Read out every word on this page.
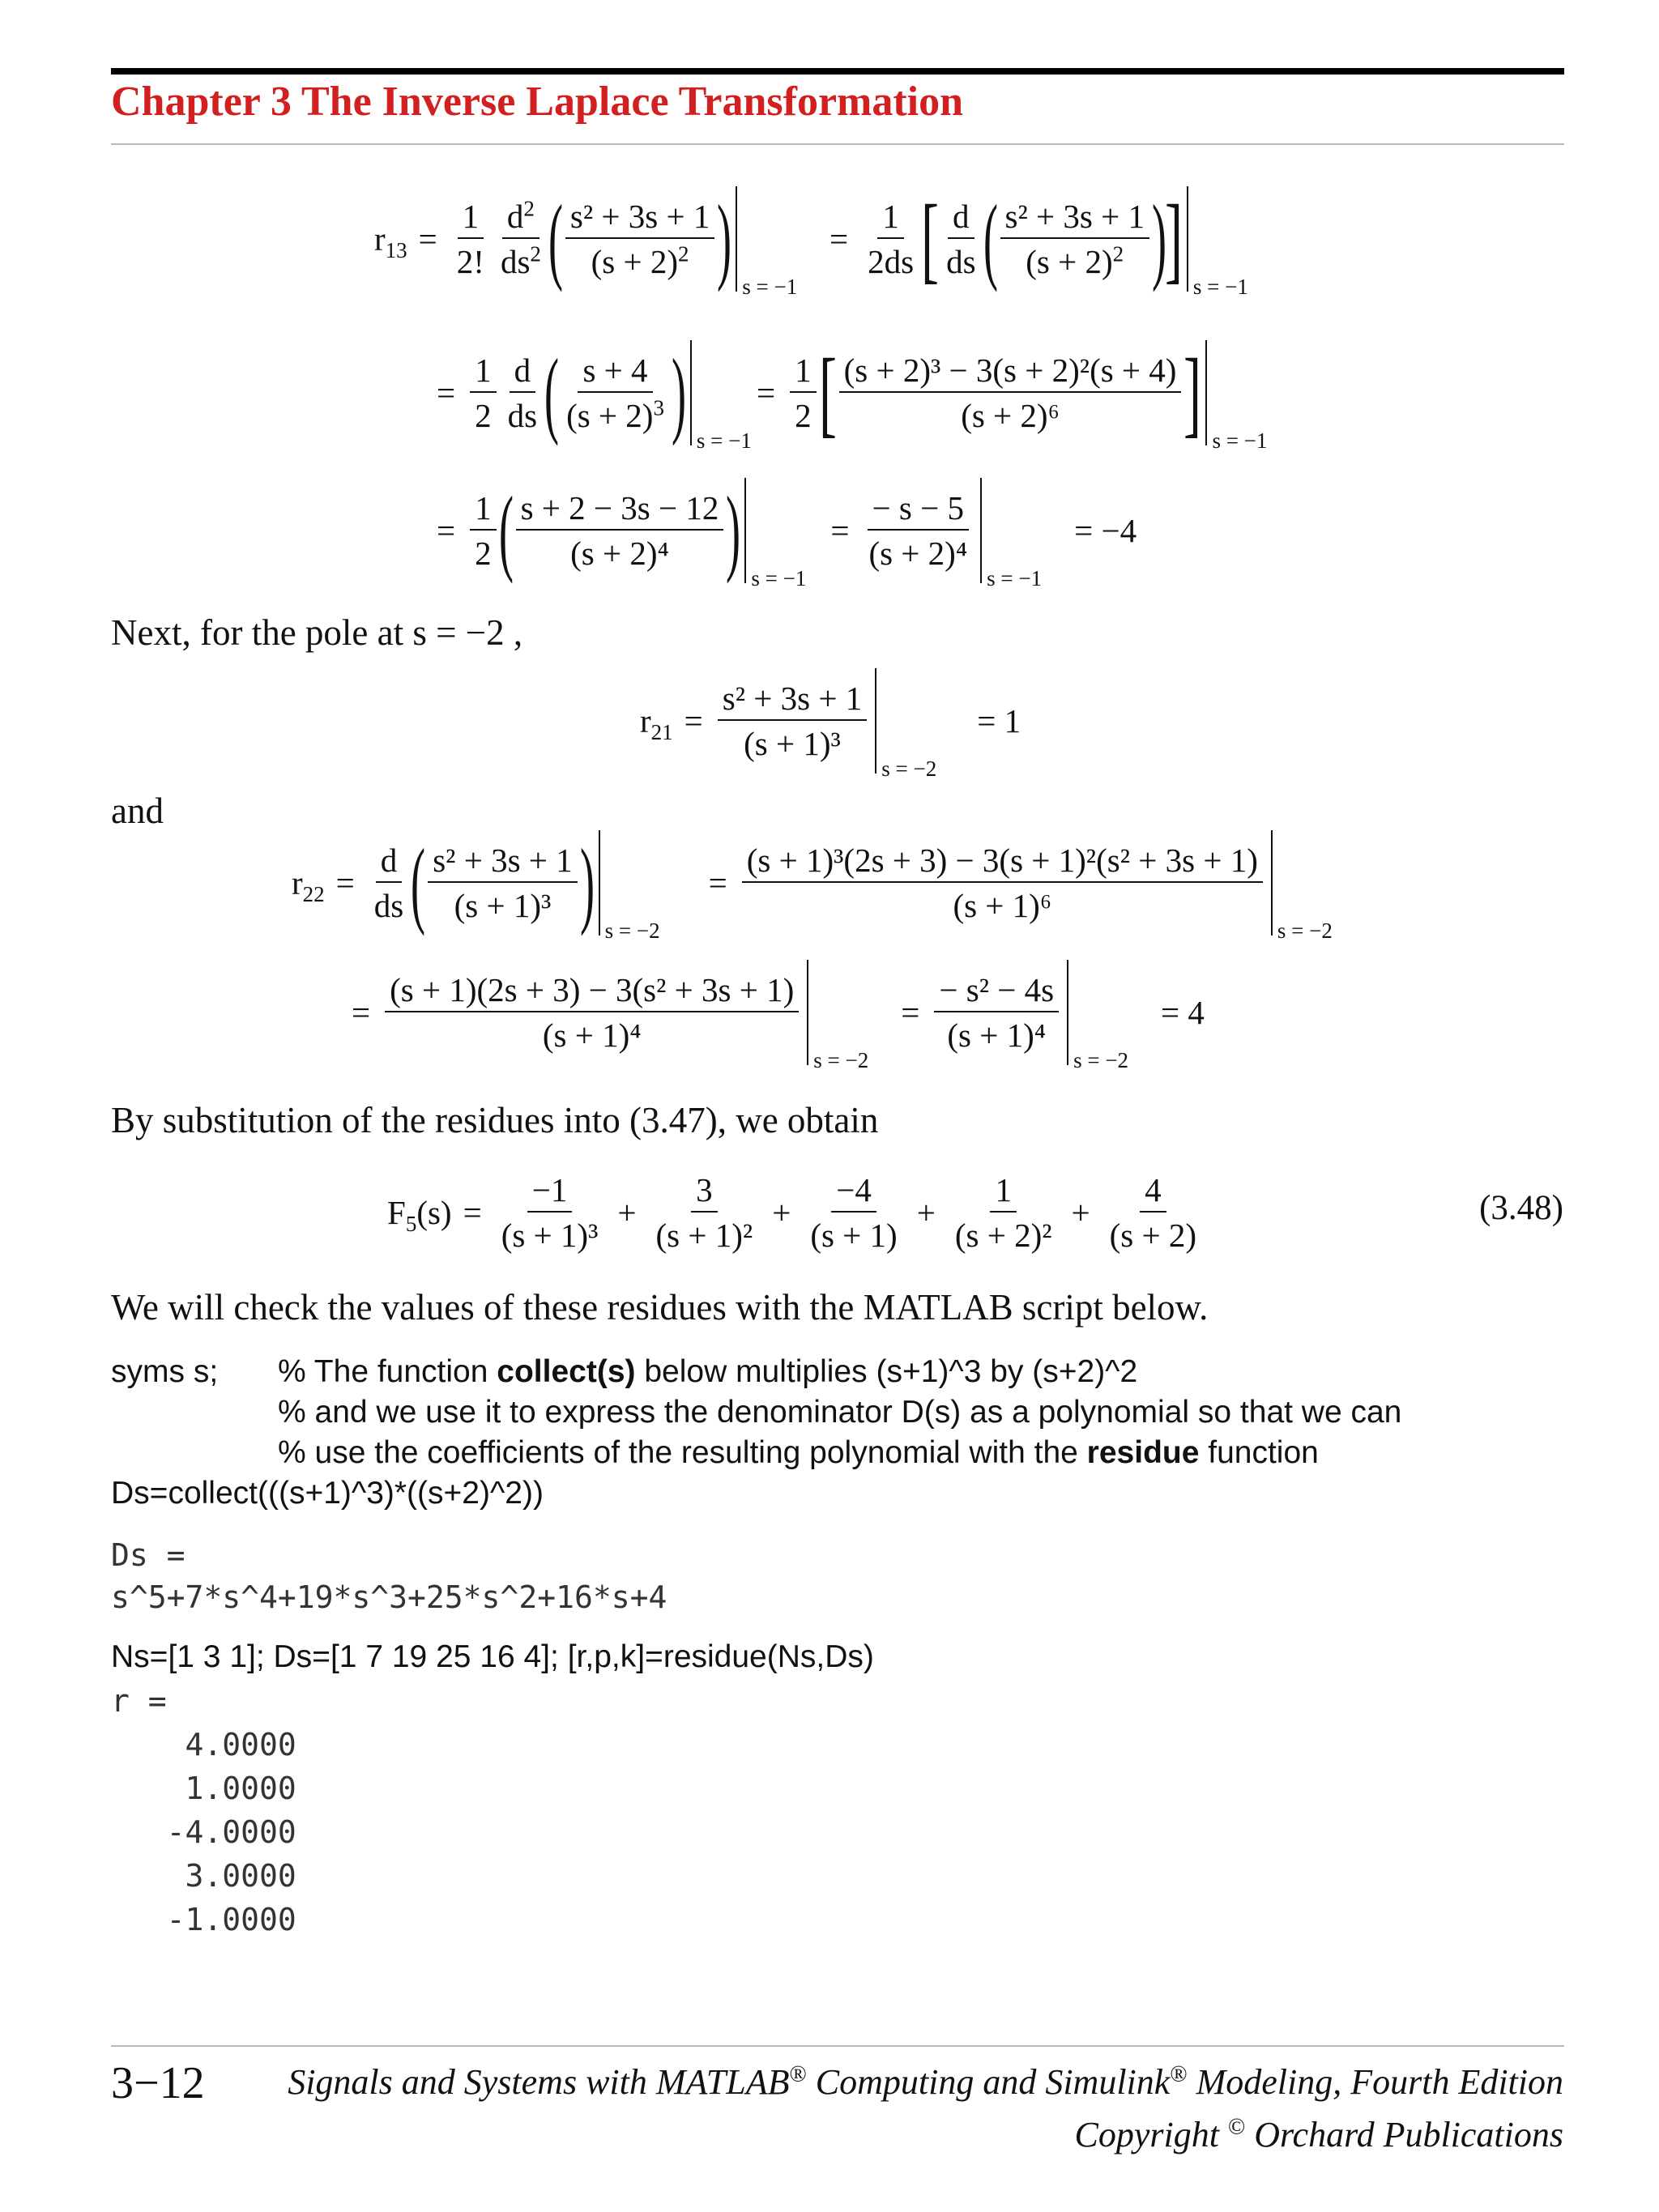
Chapter 3 The Inverse Laplace Transformation
$r_{13} = \frac{1}{2!} \frac{d^2}{ds^2}$ ( $\frac{\text{s² + 3s + 1}}{(s + 2)^2}$ ) s = −1
= $\frac{1}{2ds}$ [ $\frac{d}{ds}$ ( $\frac{\text{s² + 3s + 1}}{(s + 2)^2}$ )
] s = −1
= $\frac{1}{2} \frac{d}{ds}$ ( $\frac{s + 4}{(s + 2)^3}$ ) s = −1
= $\frac{1}{2}$ [ $\frac{\text{(s + 2)³ − 3(s + 2)²(s + 4)}}{\text{(s + 2)⁶}}$ ] s = −1
= $\frac{1}{2}$ ( $\frac{s + 2 - 3s - 12}{\text{(s + 2)⁴}}$ ) s = −1
= $\frac{- s - 5}{\text{(s + 2)⁴}}$
s = −1
= −4
Next, for the pole at s = −2 ,
$r_{21} = \frac{\text{s² + 3s + 1}}{\text{(s + 1)³}}$
s = −2
= 1
and
$r_{22} = \frac{d}{ds}$ ( $\frac{\text{s² + 3s + 1}}{\text{(s + 1)³}}$ ) s = −2
= $\frac{\text{(s + 1)³(2s + 3) − 3(s + 1)²(s² + 3s + 1)}}{\text{(s + 1)⁶}}$
s = −2
= $\frac{\text{(s + 1)(2s + 3) − 3(s² + 3s + 1)}}{\text{(s + 1)⁴}}$
s = −2
= $\frac{\text{− s² − 4s}}{\text{(s + 1)⁴}}$
s = −2
= 4
By substitution of the residues into (3.47), we obtain
$F_5(s) = \frac{-1}{\text{(s + 1)³}} + \frac{3}{\text{(s + 1)²}} + \frac{-4}{(s + 1)} + \frac{1}{\text{(s + 2)²}} + \frac{4}{(s + 2)}$	(3.48)
We will check the values of these residues with the MATLAB script below.
syms s; % The function collect(s) below multiplies (s+1)^3 by (s+2)^2
% and we use it to express the denominator D(s) as a polynomial so that we can
% use the coefficients of the resulting polynomial with the residue function
Ds=collect(((s+1)^3)*((s+2)^2))
Ds =
s^5+7*s^4+19*s^3+25*s^2+16*s+4
Ns=[1 3 1]; Ds=[1 7 19 25 16 4]; [r,p,k]=residue(Ns,Ds)
r =
4.0000
1.0000
-4.0000
3.0000
-1.0000
3−12 Signals and Systems with MATLAB® Computing and Simulink® Modeling, Fourth Edition
Copyright © Orchard Publications
